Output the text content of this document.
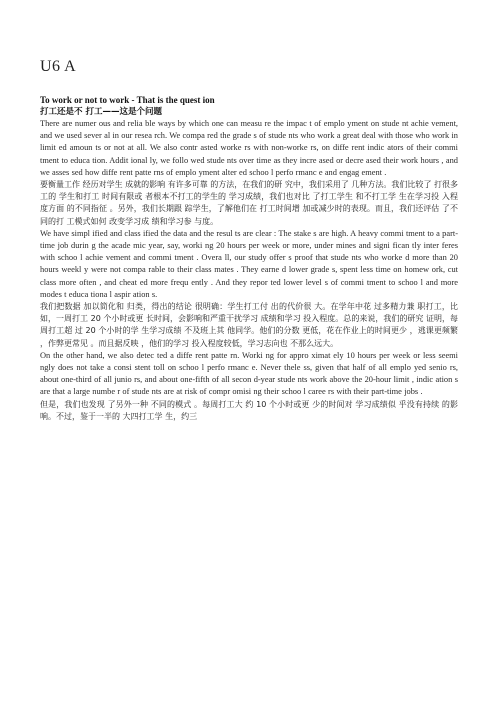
U6 A
To work or not to work - That is the quest ion
打工还是不 打工——这是个问题

There are numer ous and relia ble ways by which one can measu re the impac t of emplo yment on stude nt achie vement, and we used sever al in our resea rch. We compa red the grade s of stude nts who work a great deal with those who work in limit ed amoun ts or not at all. We also contr asted worke rs with non-worke rs, on diffe rent indic ators of their commi tment to educa tion. Addit ional ly, we follo wed stude nts over time as they incre ased or decre ased their work hours , and we asses sed how diffe rent patte rns of emplo yment alter ed schoo l perfo rmanc e and engag ement .

要衡量工作 经历对学生 成就的影响 有许多可靠 的方法，在我们的研 究中，我们采用了 几种方法。我们比较了 打很多工的 学生和打工 时间有限或 者根本不打工的学生的 学习成绩，我们也对比 了打工学生 和不打工学 生在学习投 入程度方面 的不同指征 。另外，我们长期跟 踪学生，了解他们在 打工时间增 加或减少时的表现。而且，我们还评估 了不同的打 工模式如何 改变学习成 绩和学习参 与度。

We have simpl ified and class ified the data and the resul ts are clear : The stake s are high. A heavy commi tment to a part-time job durin g the acade mic year, say, worki ng 20 hours per week or more, under mines and signi fican tly inter feres with schoo l achie vement and commi tment . Overa ll, our study offer s proof that stude nts who worke d more than 20 hours weekl y were not compa rable to their class mates . They earne d lower grade s, spent less time on homew ork, cut class more often , and cheat ed more frequ ently . And they repor ted lower level s of commi tment to schoo l and more modes t educa tiona l aspir ation s.

我们把数据 加以简化和 归类，得出的结论 很明确：学生打工付 出的代价很 大。在学年中花 过多精力兼 职打工，比如，一周打工 20 个小时或更 长时间，会影响和严重干扰学习 成绩和学习 投入程度。总的来说，我们的研究 证明，每周打工超 过 20 个小时的学 生学习成绩 不及班上其 他同学。他们的分数 更低，花在作业上的时间更少 ，逃课更频繁 ，作弊更常见 。而且据反映 ，他们的学习 投入程度较低，学习志向也 不那么远大。

On the other hand, we also detec ted a diffe rent patte rn. Worki ng for appro ximat ely 10 hours per week or less seemi ngly does not take a consi stent toll on schoo l perfo rmanc e. Never thele ss, given that half of all emplo yed senio rs, about one-third of all junio rs, and about one-fifth of all secon d-year stude nts work above the 20-hour limit , indic ation s are that a large numbe r of stude nts are at risk of compr omisi ng their schoo l caree rs with their part-time jobs .

但是，我们也发现 了另外一种 不同的模式 。每周打工大 约 10 个小时或更 少的时间对 学习成绩似 乎没有持续 的影响。不过，鉴于一半的 大四打工学 生，约三
